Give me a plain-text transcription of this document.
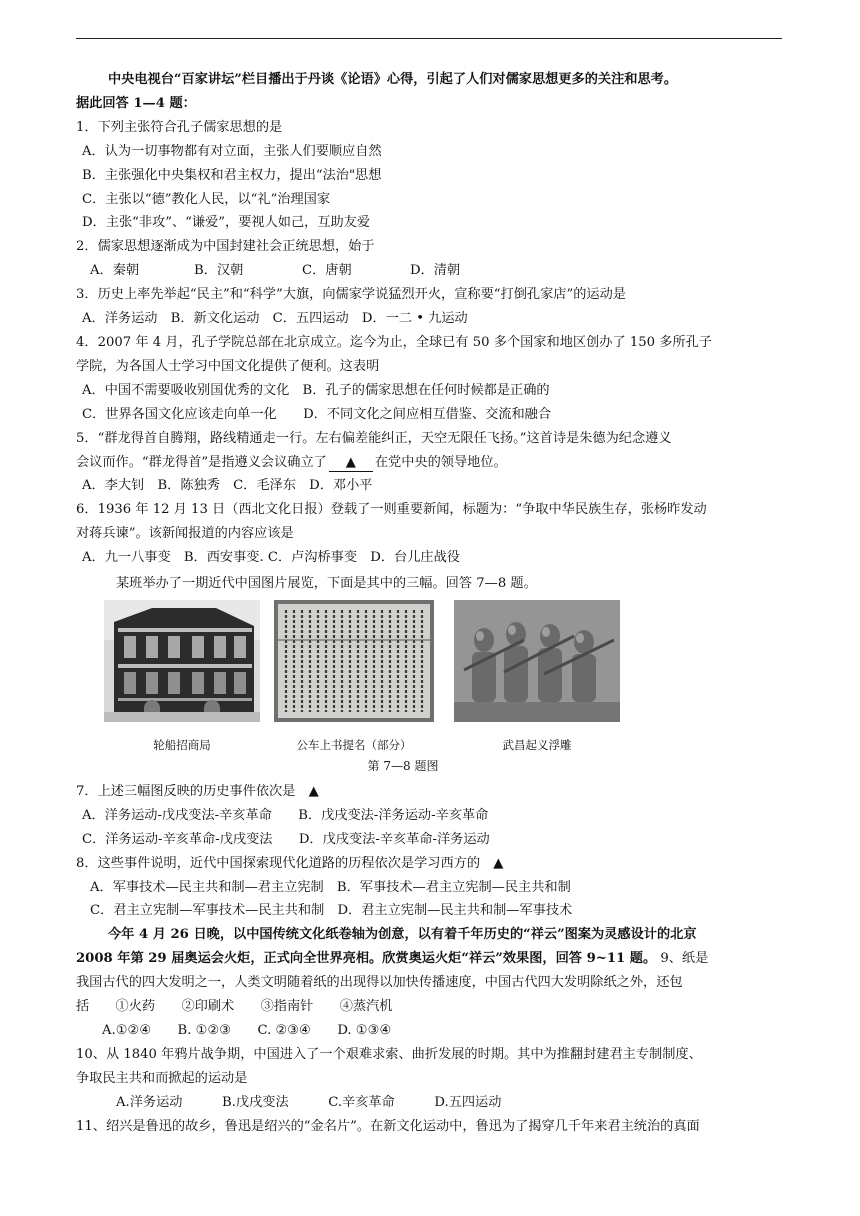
中央电视台“百家讲坛”栏目播出于丹谈《论语》心得，引起了人们对儒家思想更多的关注和思考。
据此回答 1—4 题：
1．下列主张符合孔子儒家思想的是
A．认为一切事物都有对立面，主张人们要顺应自然
B．主张强化中央集权和君主权力，提出“法治"思想
C．主张以“德”教化人民，以“礼”治理国家
D．主张“非攻”、“谦爱”，要视人如己，互助友爱
2．儒家思想逐渐成为中国封建社会正统思想，始于
A．秦朝	B．汉朝	C．唐朝	D．清朝
3．历史上率先举起“民主”和“科学”大旗，向儒家学说猛烈开火，宣称要“打倒孔家店”的运动是
A．洋务运动　B．新文化运动　C．五四运动　D．一二 • 九运动
4．2007 年 4 月，孔子学院总部在北京成立。迄今为止，全球已有 50 多个国家和地区创办了 150 多所孔子
学院，为各国人士学习中国文化提供了便利。这表明
A．中国不需要吸收别国优秀的文化　B．孔子的儒家思想在任何时候都是正确的
C．世界各国文化应该走向单一化　　D．不同文化之间应相互借鉴、交流和融合
5．“群龙得首自腾翔，路线精通走一行。左右偏差能纠正，天空无限任飞扬。”这首诗是朱德为纪念遵义
会议而作。“群龙得首”是指遵义会议确立了 ▲ 在党中央的领导地位。
A．李大钊　B．陈独秀　C．毛泽东　D．邓小平
6．1936 年 12 月 13 日（西北文化日报）登载了一则重要新闻，标题为：“争取中华民族生存，张杨昨发动
对蒋兵谏”。该新闻报道的内容应该是
A．九一八事变　B．西安事变. C．卢沟桥事变　D．台儿庄战役
某班举办了一期近代中国图片展览，下面是其中的三幅。回答 7—8 题。
轮船招商局	公车上书提名（部分）	武昌起义浮雕
第 7—8 题图
7．上述三幅图反映的历史事件依次是　▲
A．洋务运动-戊戌变法-辛亥革命　　B．戊戌变法-洋务运动-辛亥革命
C．洋务运动-辛亥革命-戊戌变法　　D．戊戌变法-辛亥革命-洋务运动
8．这些事件说明，近代中国探索现代化道路的历程依次是学习西方的　▲
A．军事技术—民主共和制—君主立宪制　B．军事技术—君主立宪制—民主共和制
C．君主立宪制—军事技术—民主共和制　D．君主立宪制—民主共和制—军事技术
今年 4 月 26 日晚，以中国传统文化纸卷轴为创意，以有着千年历史的“祥云”图案为灵感设计的北京
2008 年第 29 届奥运会火炬，正式向全世界亮相。欣赏奥运火炬“祥云”效果图，回答 9~11 题。 9、纸是
我国古代的四大发明之一，人类文明随着纸的出现得以加快传播速度，中国古代四大发明除纸之外，还包
括　　①火药　　②印刷术　　③指南针　　④蒸汽机
A.①②④　　B. ①②③　　C. ②③④　　D. ①③④
10、从 1840 年鸦片战争期，中国进入了一个艰难求索、曲折发展的时期。其中为推翻封建君主专制制度、
争取民主共和而掀起的运动是
A.洋务运动　　　B.戊戌变法　　　C.辛亥革命　　　D.五四运动
11、绍兴是鲁迅的故乡，鲁迅是绍兴的“金名片”。在新文化运动中，鲁迅为了揭穿几千年来君主统治的真面
